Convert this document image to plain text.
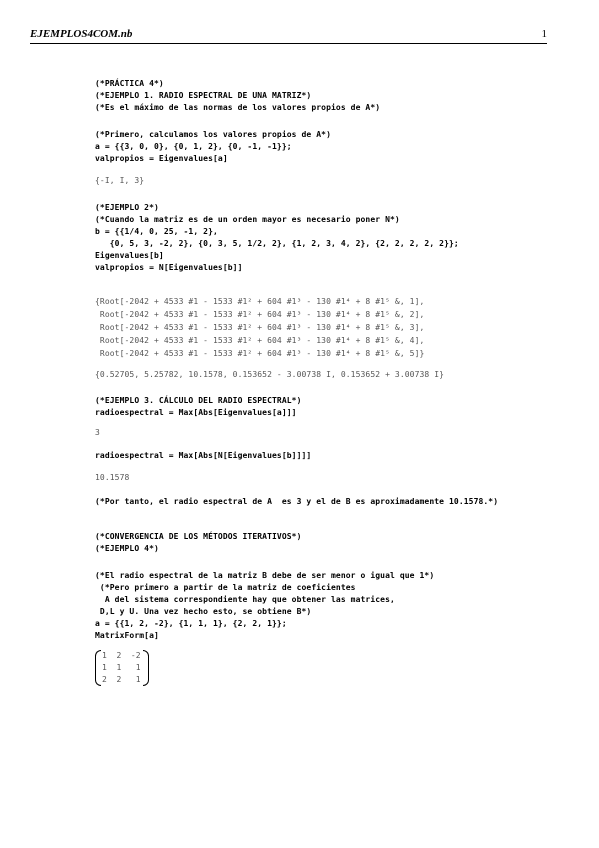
EJEMPLOS4COM.nb	1
(*PRÁCTICA 4*)
(*EJEMPLO 1. RADIO ESPECTRAL DE UNA MATRIZ*)
(*Es el máximo de las normas de los valores propios de A*)
(*Primero, calculamos los valores propios de A*)
a = {{3, 0, 0}, {0, 1, 2}, {0, -1, -1}};
valpropios = Eigenvalues[a]
{-I, I, 3}
(*EJEMPLO 2*)
(*Cuando la matriz es de un orden mayor es necesario poner N*)
b = {{1/4, 0, 25, -1, 2},
{0, 5, 3, -2, 2}, {0, 3, 5, 1/2, 2}, {1, 2, 3, 4, 2}, {2, 2, 2, 2, 2}};
Eigenvalues[b]
valpropios = N[Eigenvalues[b]]
{Root[-2042 + 4533 #1 - 1533 #1² + 604 #1³ - 130 #1⁴ + 8 #1⁵ &, 1],
Root[-2042 + 4533 #1 - 1533 #1² + 604 #1³ - 130 #1⁴ + 8 #1⁵ &, 2],
Root[-2042 + 4533 #1 - 1533 #1² + 604 #1³ - 130 #1⁴ + 8 #1⁵ &, 3],
Root[-2042 + 4533 #1 - 1533 #1² + 604 #1³ - 130 #1⁴ + 8 #1⁵ &, 4],
Root[-2042 + 4533 #1 - 1533 #1² + 604 #1³ - 130 #1⁴ + 8 #1⁵ &, 5]}
{0.52705, 5.25782, 10.1578, 0.153652 - 3.00738 I, 0.153652 + 3.00738 I}
(*EJEMPLO 3. CÁLCULO DEL RADIO ESPECTRAL*)
radioespectral = Max[Abs[Eigenvalues[a]]]
3
radioespectral = Max[Abs[N[Eigenvalues[b]]]]
10.1578
(*Por tanto, el radio espectral de A  es 3 y el de B es aproximadamente 10.1578.*)
(*CONVERGENCIA DE LOS MÉTODOS ITERATIVOS*)
(*EJEMPLO 4*)
(*El radio espectral de la matriz B debe de ser menor o igual que 1*)
(*Pero primero a partir de la matriz de coeficientes
A del sistema correspondiente hay que obtener las matrices,
D,L y U. Una vez hecho esto, se obtiene B*)
a = {{1, 2, -2}, {1, 1, 1}, {2, 2, 1}};
MatrixForm[a]
1  2  -2
1  1   1
2  2   1
